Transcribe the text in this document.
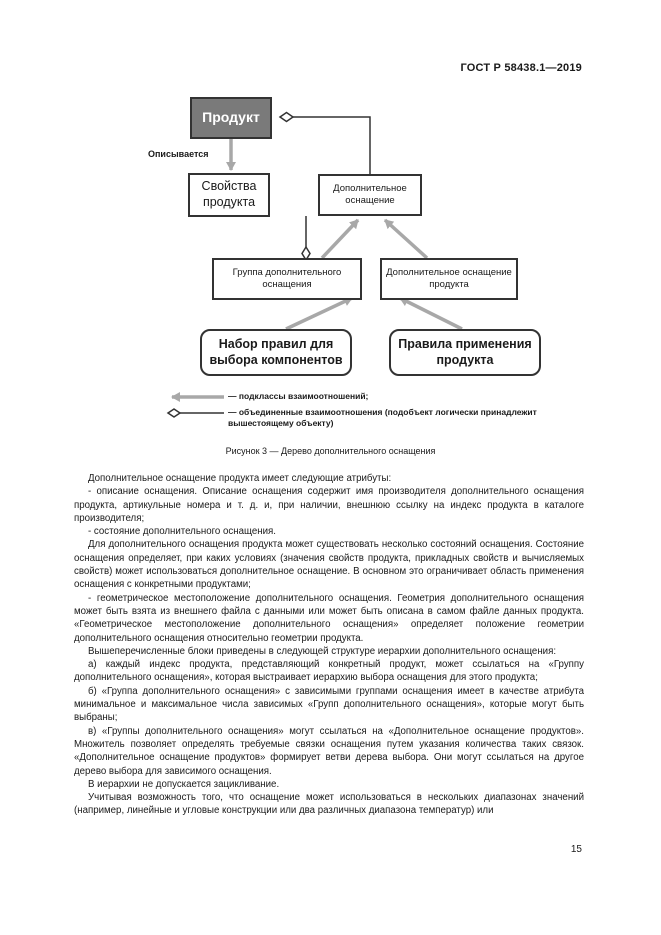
ГОСТ Р 58438.1—2019
Продукт
Описывается
Свойства продукта
Дополнительное оснащение
Группа дополнительного оснащения
Дополнительное оснащение продукта
Набор правил для выбора компонентов
Правила применения продукта
— подклассы взаимоотношений;
— объединенные взаимоотношения (подобъект логически принадлежит вышестоящему объекту)
Рисунок 3 — Дерево дополнительного оснащения

Дополнительное оснащение продукта имеет следующие атрибуты:

- описание оснащения. Описание оснащения содержит имя производителя дополнительного оснащения продукта, артикульные номера и т. д. и, при наличии, внешнюю ссылку на индекс продукта в каталоге производителя;

- состояние дополнительного оснащения.

Для дополнительного оснащения продукта может существовать несколько состояний оснащения. Состояние оснащения определяет, при каких условиях (значения свойств продукта, прикладных свойств и вычисляемых свойств) может использоваться дополнительное оснащение. В основном это ограничивает область применения оснащения с конкретными продуктами;

- геометрическое местоположение дополнительного оснащения. Геометрия дополнительного оснащения может быть взята из внешнего файла с данными или может быть описана в самом файле данных продукта. «Геометрическое местоположение дополнительного оснащения» определяет положение геометрии дополнительного оснащения относительно геометрии продукта.

Вышеперечисленные блоки приведены в следующей структуре иерархии дополнительного оснащения:

а) каждый индекс продукта, представляющий конкретный продукт, может ссылаться на «Группу дополнительного оснащения», которая выстраивает иерархию выбора оснащения для этого продукта;

б) «Группа дополнительного оснащения» с зависимыми группами оснащения имеет в качестве атрибута минимальное и максимальное числа зависимых «Групп дополнительного оснащения», которые могут быть выбраны;

в) «Группы дополнительного оснащения» могут ссылаться на «Дополнительное оснащение продуктов». Множитель позволяет определять требуемые связки оснащения путем указания количества таких связок. «Дополнительное оснащение продуктов» формирует ветви дерева выбора. Они могут ссылаться на другое дерево выбора для зависимого оснащения.

В иерархии не допускается зацикливание.

Учитывая возможность того, что оснащение может использоваться в нескольких диапазонах значений (например, линейные и угловые конструкции или два различных диапазона температур) или

15
